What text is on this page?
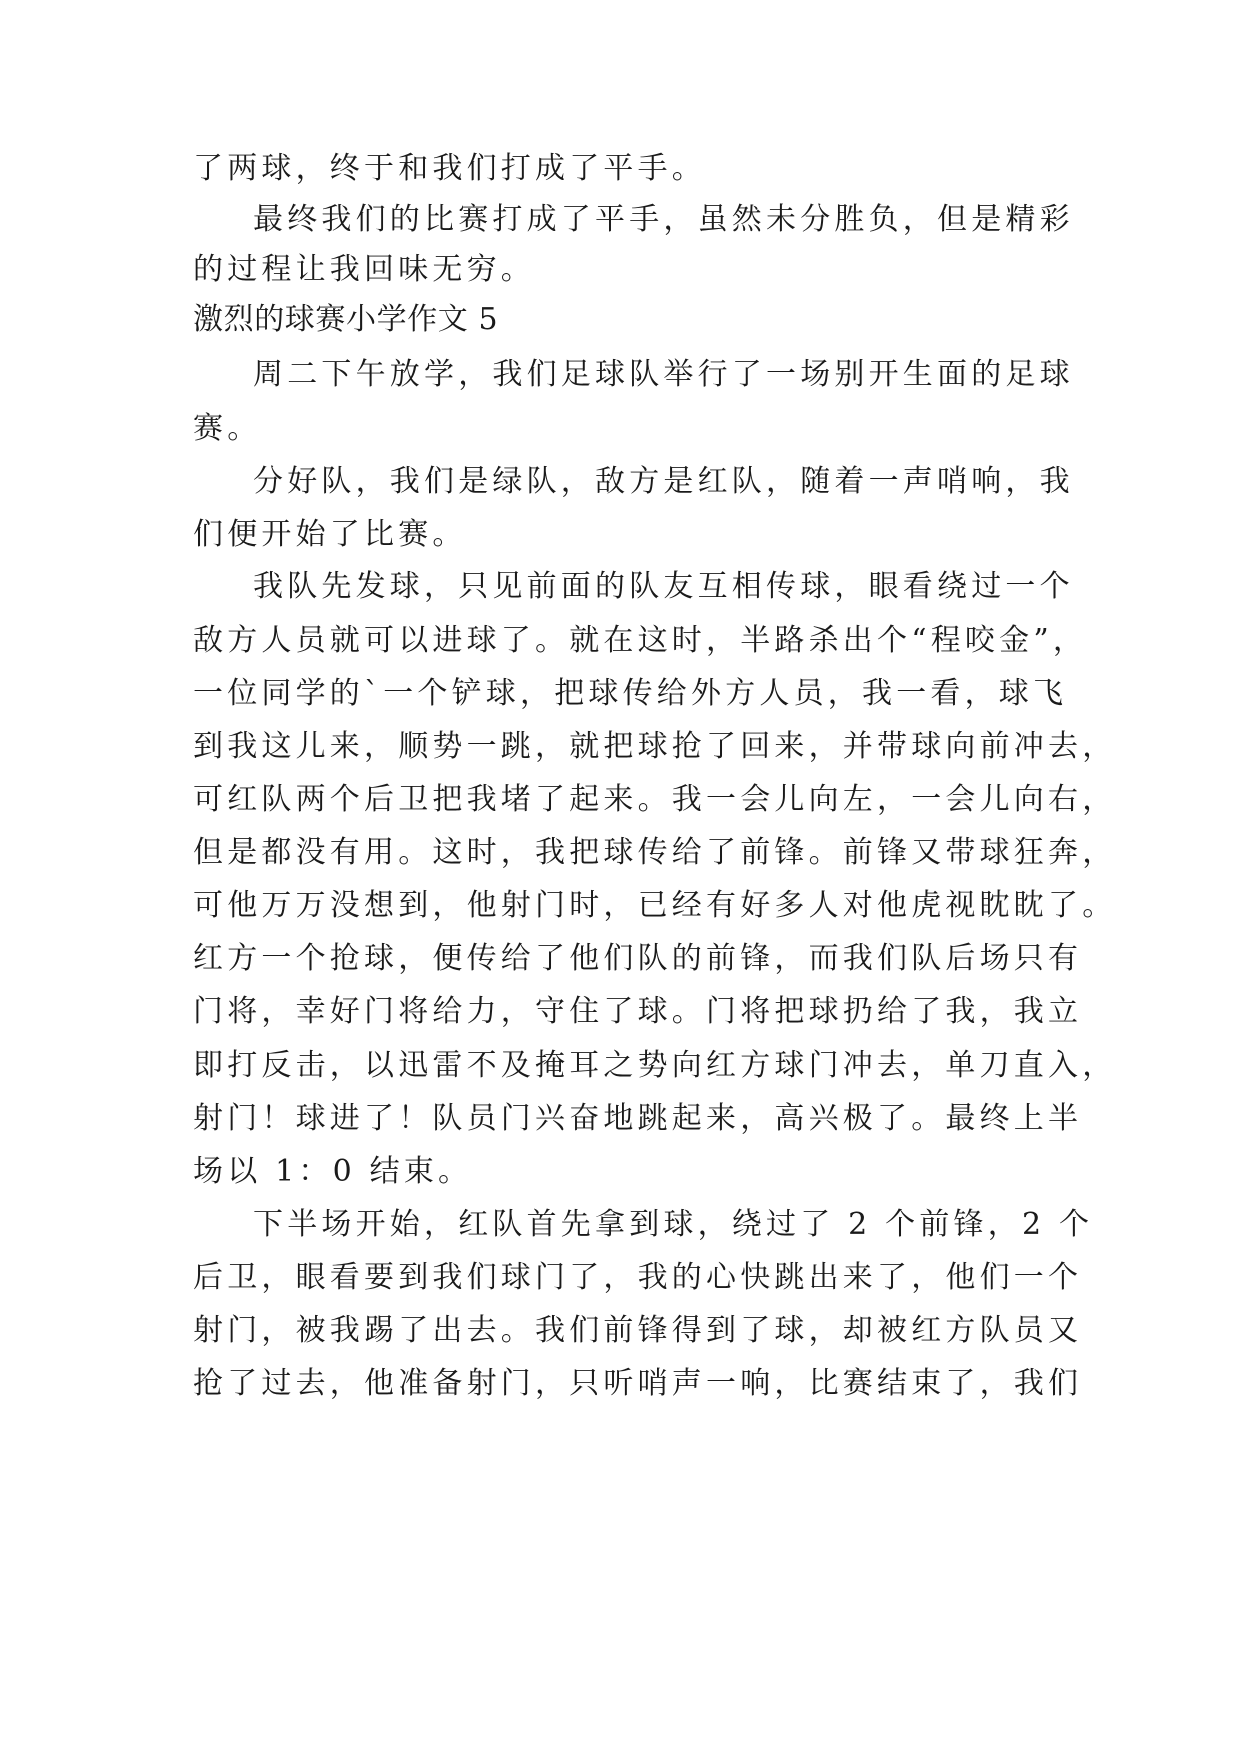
了两球，终于和我们打成了平手。
最终我们的比赛打成了平手，虽然未分胜负，但是精彩
的过程让我回味无穷。
激烈的球赛小学作文 5
周二下午放学，我们足球队举行了一场别开生面的足球
赛。
分好队，我们是绿队，敌方是红队，随着一声哨响，我
们便开始了比赛。
我队先发球，只见前面的队友互相传球，眼看绕过一个
敌方人员就可以进球了。就在这时，半路杀出个“程咬金”，
一位同学的`一个铲球，把球传给外方人员，我一看，球飞
到我这儿来，顺势一跳，就把球抢了回来，并带球向前冲去，
可红队两个后卫把我堵了起来。我一会儿向左，一会儿向右，
但是都没有用。这时，我把球传给了前锋。前锋又带球狂奔，
可他万万没想到，他射门时，已经有好多人对他虎视眈眈了。
红方一个抢球，便传给了他们队的前锋，而我们队后场只有
门将，幸好门将给力，守住了球。门将把球扔给了我，我立
即打反击，以迅雷不及掩耳之势向红方球门冲去，单刀直入，
射门！球进了！队员门兴奋地跳起来，高兴极了。最终上半
场以 1：0 结束。
下半场开始，红队首先拿到球，绕过了 2 个前锋，2 个
后卫，眼看要到我们球门了，我的心快跳出来了，他们一个
射门，被我踢了出去。我们前锋得到了球，却被红方队员又
抢了过去，他准备射门，只听哨声一响，比赛结束了，我们
